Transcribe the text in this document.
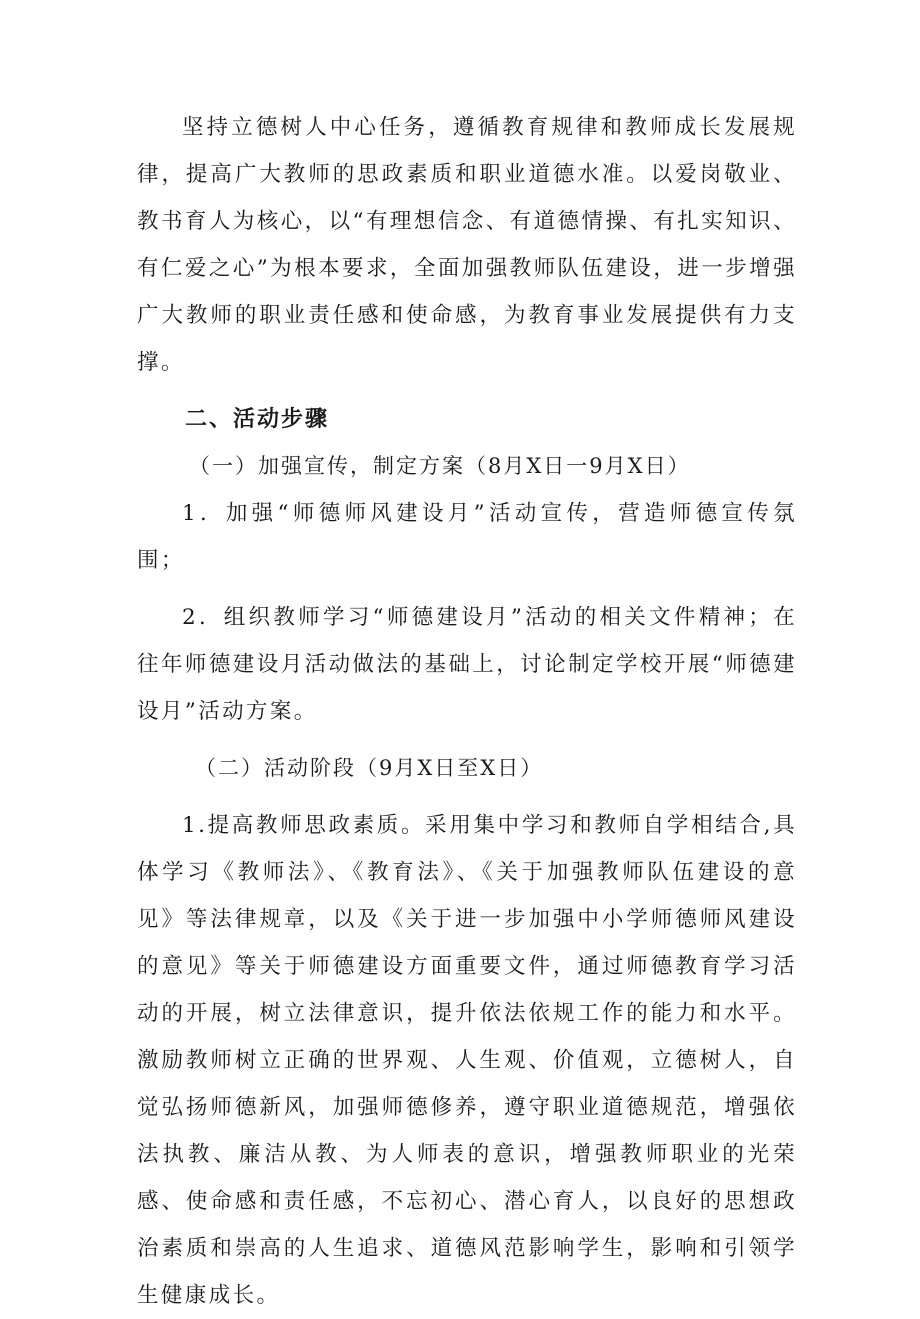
坚持立德树人中心任务，遵循教育规律和教师成长发展规律，提高广大教师的思政素质和职业道德水准。以爱岗敬业、教书育人为核心，以“有理想信念、有道德情操、有扎实知识、有仁爱之心”为根本要求，全面加强教师队伍建设，进一步增强广大教师的职业责任感和使命感，为教育事业发展提供有力支撑。

二、活动步骤

（一）加强宣传，制定方案（8月X日一9月X日）

1．加强“师德师风建设月”活动宣传，营造师德宣传氛围；

2．组织教师学习“师德建设月”活动的相关文件精神；在往年师德建设月活动做法的基础上，讨论制定学校开展“师德建设月”活动方案。

（二）活动阶段（9月X日至X日）

1.提高教师思政素质。采用集中学习和教师自学相结合,具体学习《教师法》、《教育法》、《关于加强教师队伍建设的意见》等法律规章，以及《关于进一步加强中小学师德师风建设的意见》等关于师德建设方面重要文件，通过师德教育学习活动的开展，树立法律意识，提升依法依规工作的能力和水平。激励教师树立正确的世界观、人生观、价值观，立德树人，自觉弘扬师德新风，加强师德修养，遵守职业道德规范，增强依法执教、廉洁从教、为人师表的意识，增强教师职业的光荣感、使命感和责任感，不忘初心、潜心育人，以良好的思想政治素质和崇高的人生追求、道德风范影响学生，影响和引领学生健康成长。
